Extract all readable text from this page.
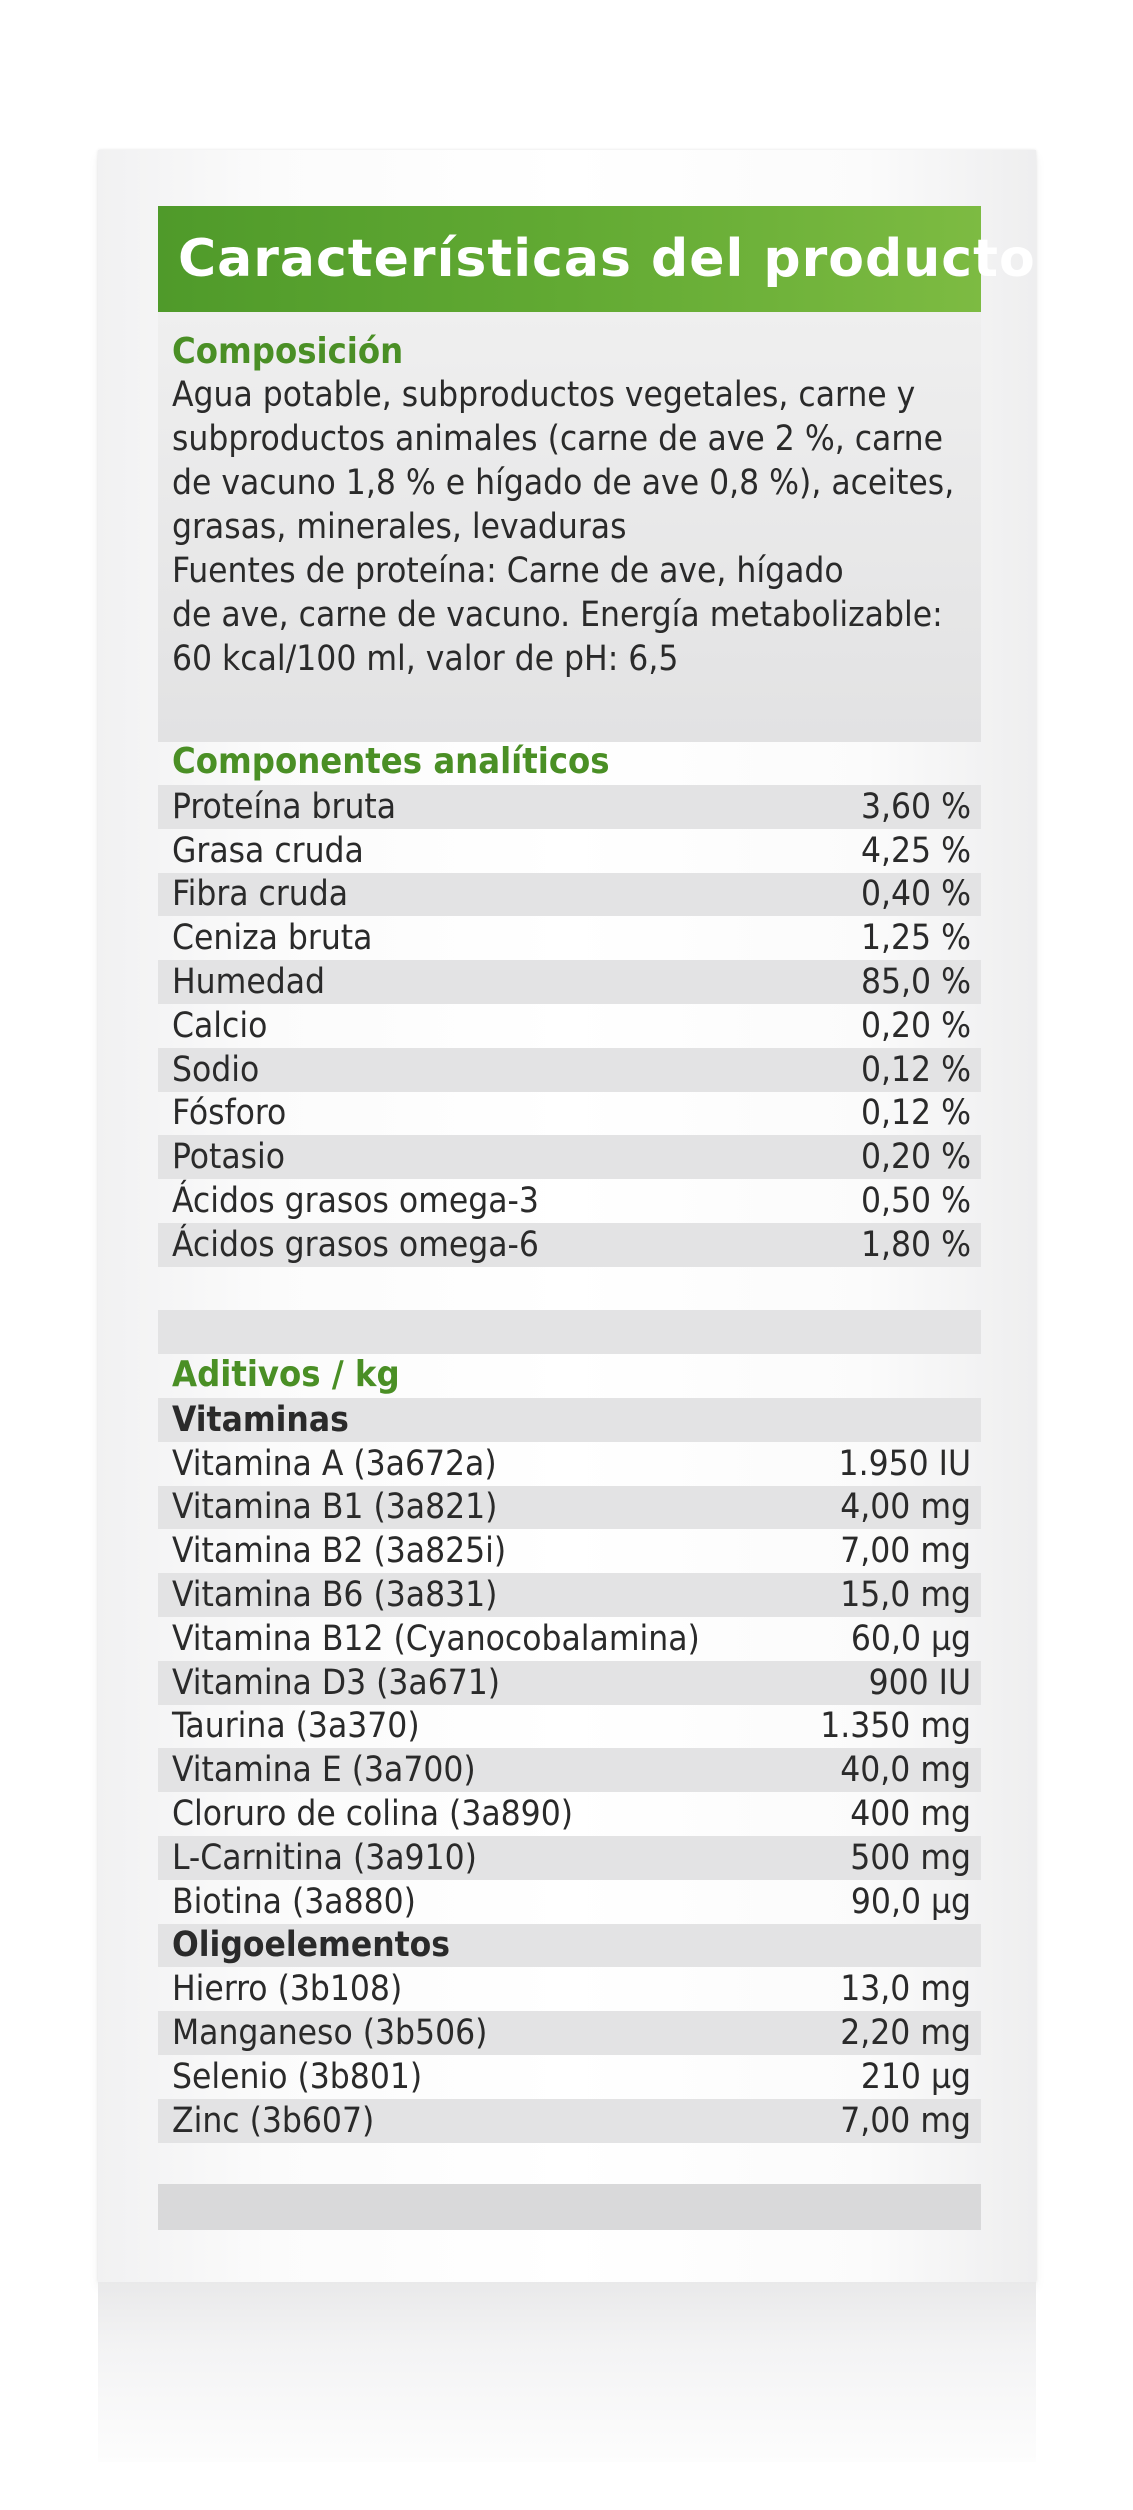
Características del producto
Composición
Agua potable, subproductos vegetales, carne y
subproductos animales (carne de ave 2 %, carne
de vacuno 1,8 % e hígado de ave 0,8 %), aceites,
grasas, minerales, levaduras
Fuentes de proteína: Carne de ave, hígado
de ave, carne de vacuno. Energía metabolizable:
60 kcal/100 ml, valor de pH: 6,5
Componentes analíticos
Proteína bruta	3,60 %
Grasa cruda	4,25 %
Fibra cruda	0,40 %
Ceniza bruta	1,25 %
Humedad	85,0 %
Calcio	0,20 %
Sodio	0,12 %
Fósforo	0,12 %
Potasio	0,20 %
Ácidos grasos omega-3	0,50 %
Ácidos grasos omega-6	1,80 %
Aditivos / kg
Vitaminas
Vitamina A (3a672a)	1.950 IU
Vitamina B1 (3a821)	4,00 mg
Vitamina B2 (3a825i)	7,00 mg
Vitamina B6 (3a831)	15,0 mg
Vitamina B12 (Cyanocobalamina)	60,0 µg
Vitamina D3 (3a671)	900 IU
Taurina (3a370)	1.350 mg
Vitamina E (3a700)	40,0 mg
Cloruro de colina (3a890)	400 mg
L-Carnitina (3a910)	500 mg
Biotina (3a880)	90,0 µg
Oligoelementos
Hierro (3b108)	13,0 mg
Manganeso (3b506)	2,20 mg
Selenio (3b801)	210 µg
Zinc (3b607)	7,00 mg
